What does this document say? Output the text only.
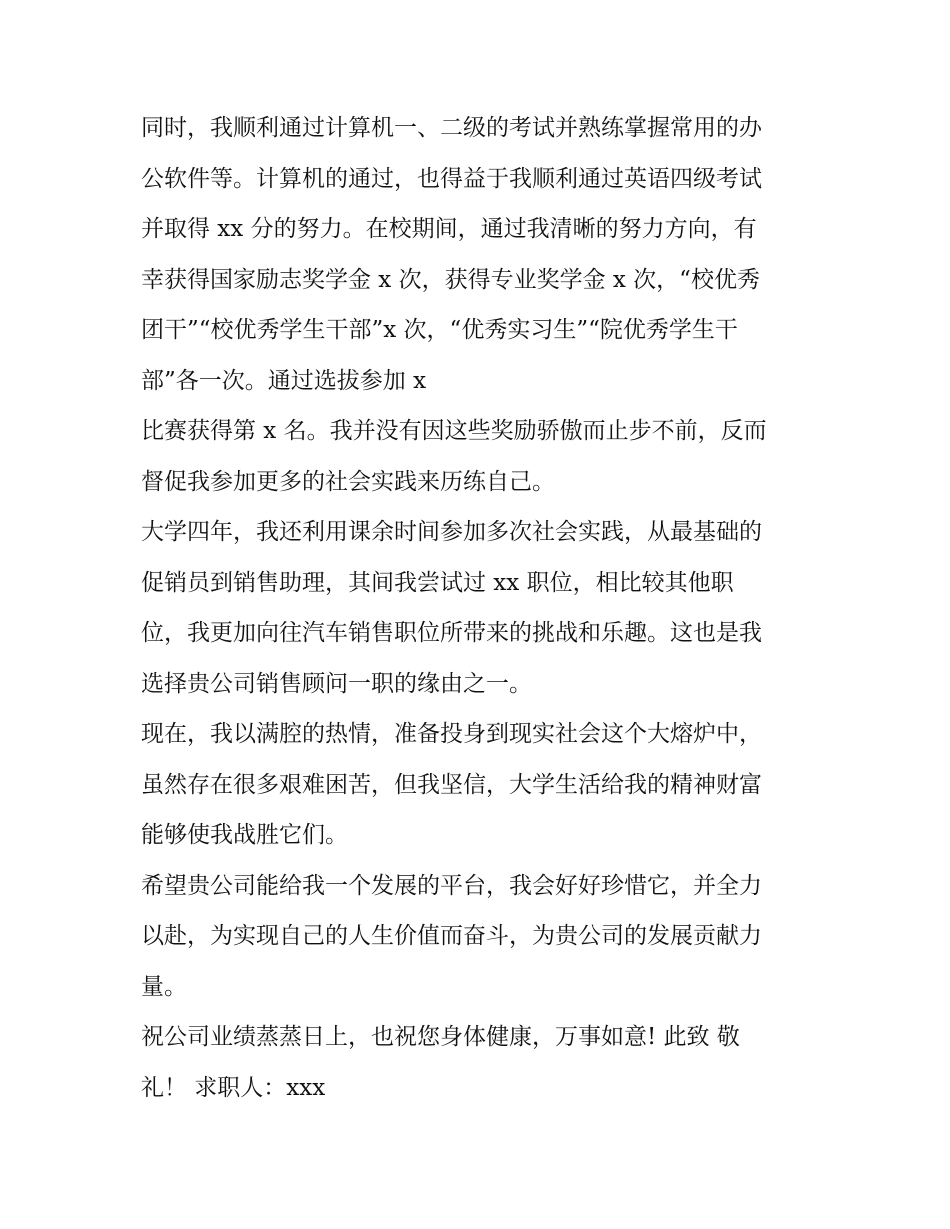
同时，我顺利通过计算机一、二级的考试并熟练掌握常用的办
公软件等。计算机的通过，也得益于我顺利通过英语四级考试
并取得 xx 分的努力。在校期间，通过我清晰的努力方向，有
幸获得国家励志奖学金 x 次，获得专业奖学金 x 次，“校优秀
团干”“校优秀学生干部”x 次，“优秀实习生”“院优秀学生干
部”各一次。通过选拔参加 x
比赛获得第 x 名。我并没有因这些奖励骄傲而止步不前，反而
督促我参加更多的社会实践来历练自己。
大学四年，我还利用课余时间参加多次社会实践，从最基础的
促销员到销售助理，其间我尝试过 xx 职位，相比较其他职
位，我更加向往汽车销售职位所带来的挑战和乐趣。这也是我
选择贵公司销售顾问一职的缘由之一。
现在，我以满腔的热情，准备投身到现实社会这个大熔炉中，
虽然存在很多艰难困苦，但我坚信，大学生活给我的精神财富
能够使我战胜它们。
希望贵公司能给我一个发展的平台，我会好好珍惜它，并全力
以赴，为实现自己的人生价值而奋斗，为贵公司的发展贡献力
量。
祝公司业绩蒸蒸日上，也祝您身体健康，万事如意! 此致 敬
礼！ 求职人：xxx
